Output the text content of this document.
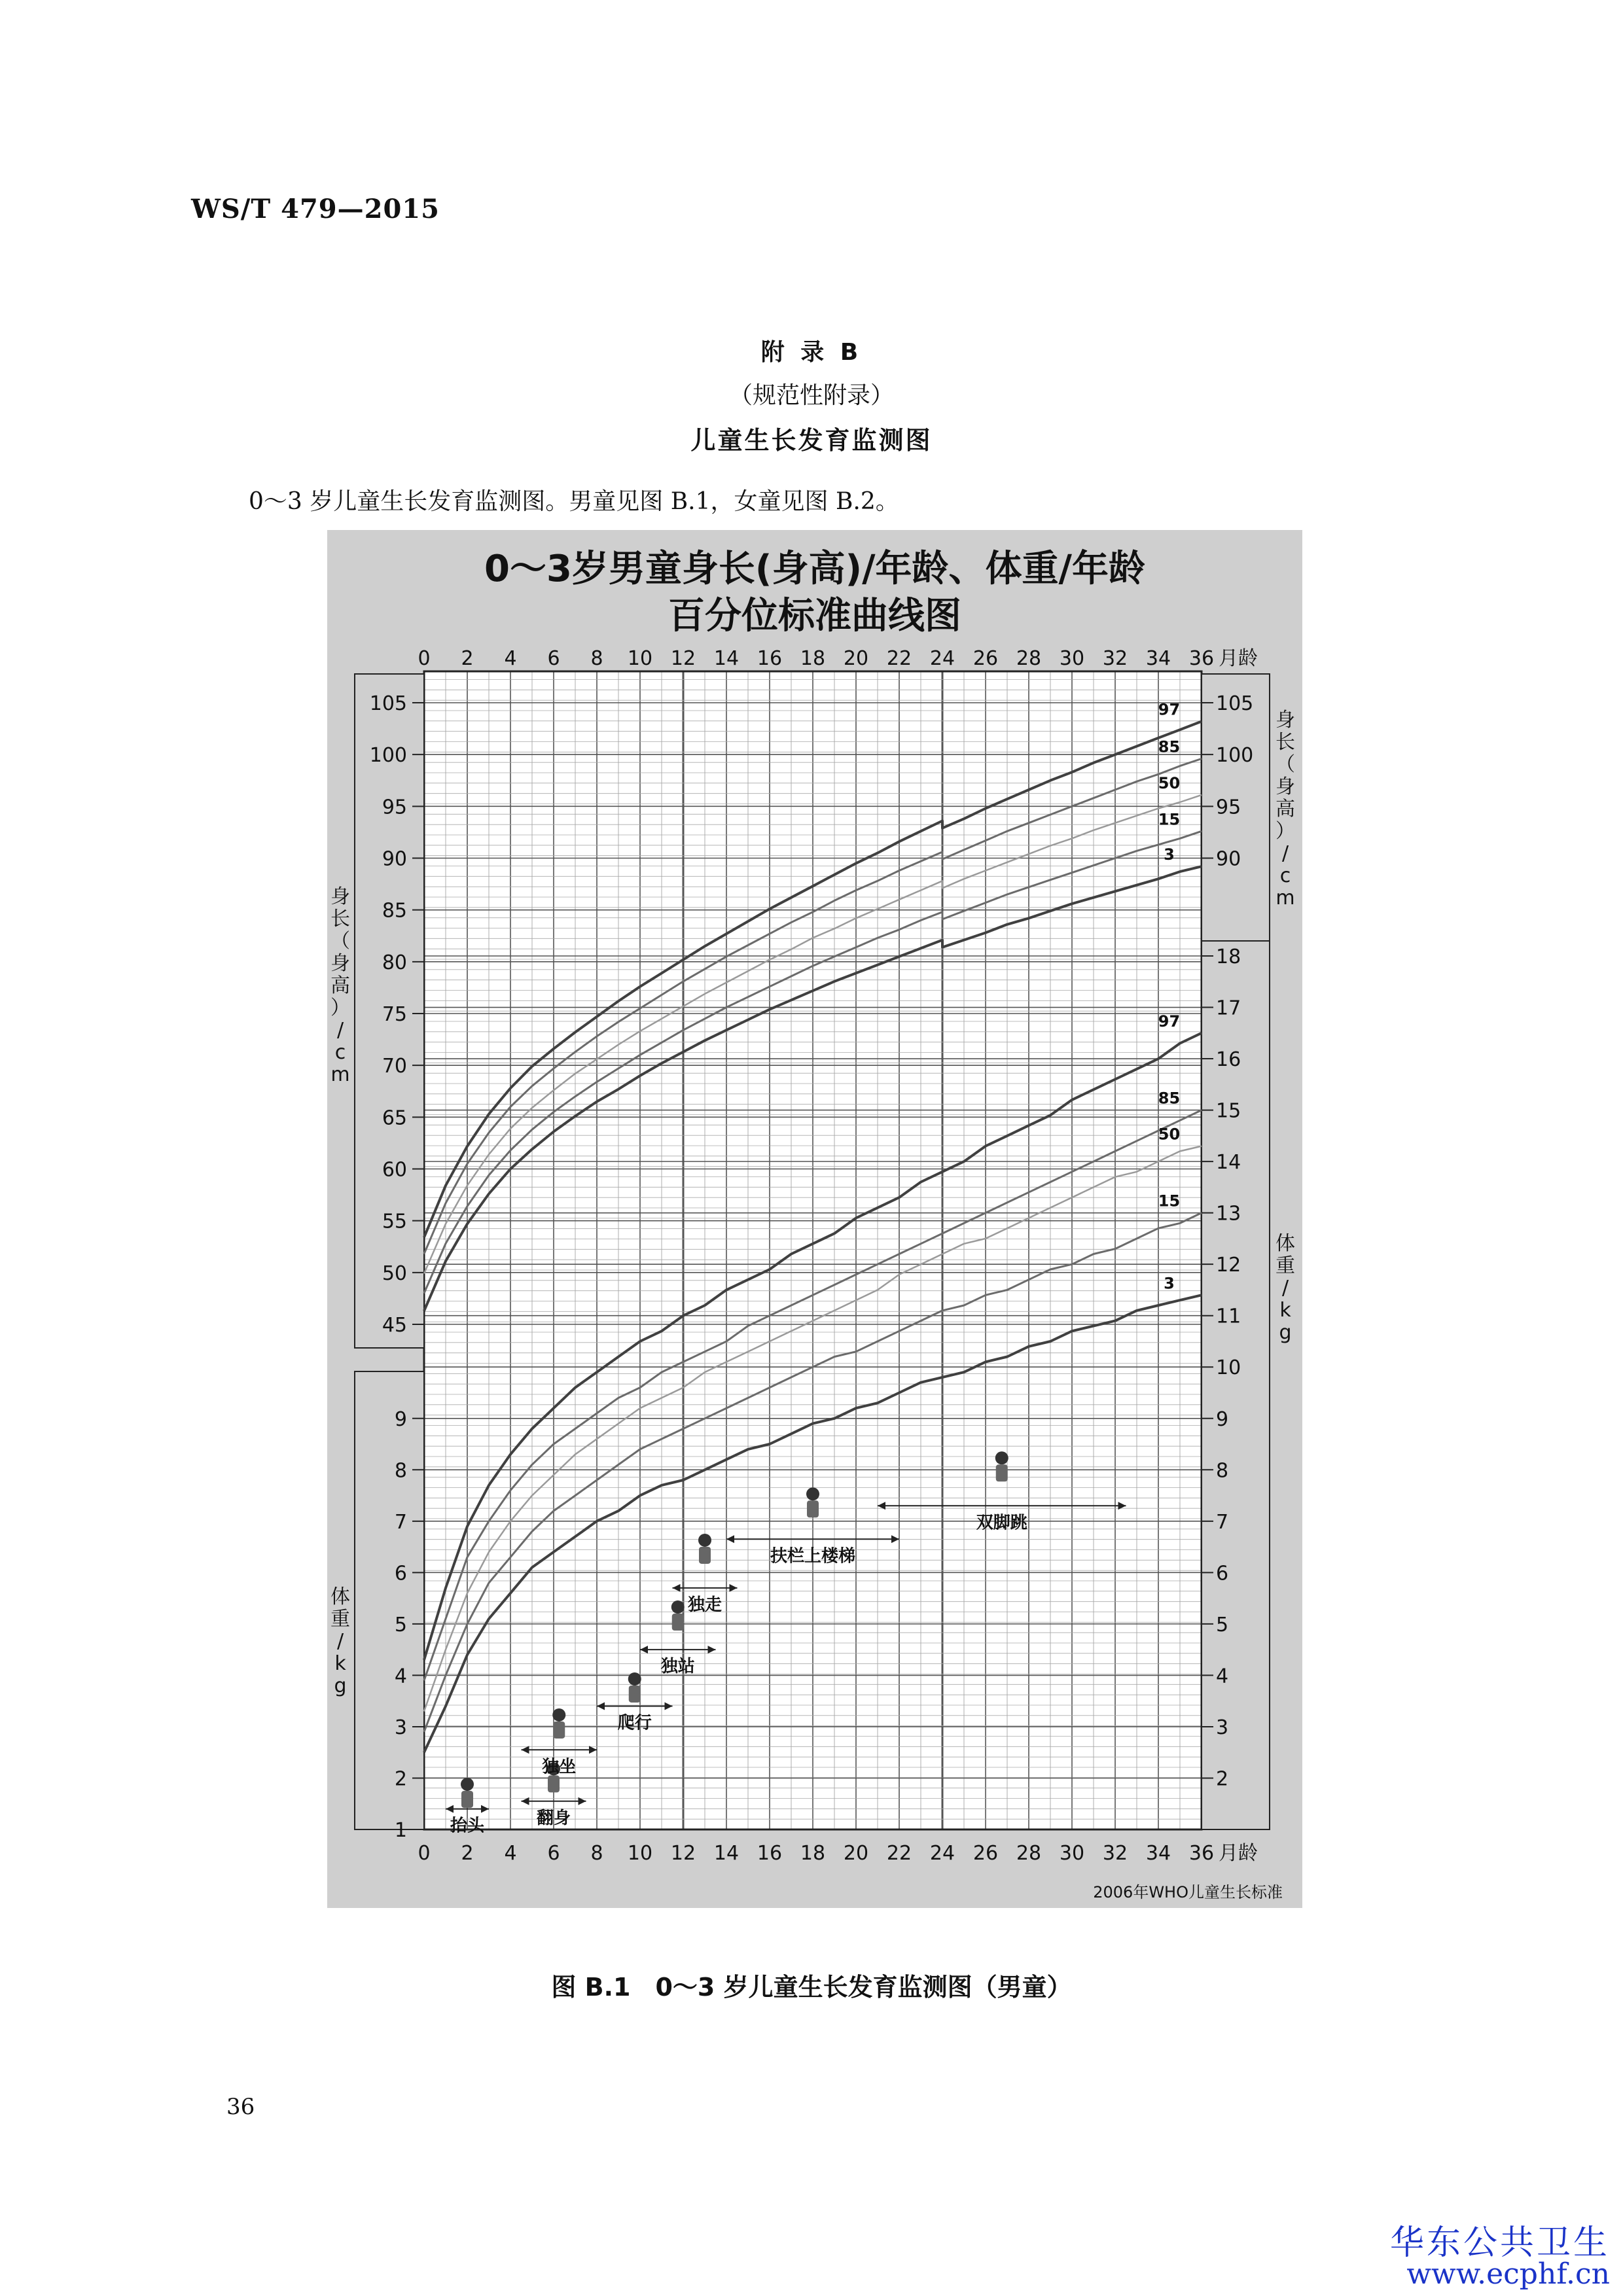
WS/T 479—2015
附 录 B
（规范性附录）
儿童生长发育监测图
0～3 岁儿童生长发育监测图。男童见图 B.1，女童见图 B.2。
0～3岁男童身长(身高)/年龄、体重/年龄
百分位标准曲线图
0
0
2
2
4
4
6
6
8
8
10
10
12
12
14
14
16
16
18
18
20
20
22
22
24
24
26
26
28
28
30
30
32
32
34
34
36
36
月龄
月龄
45
50
55
60
65
70
75
80
85
90
95
100
105
90
95
100
105
1
2
3
4
5
6
7
8
9
2
3
4
5
6
7
8
9
10
11
12
13
14
15
16
17
18
身
长
（
身
高
）
/
c
m
身
长
（
身
高
）
/
c
m
体
重
/
k
g
体
重
/
k
g
97
85
50
15
3
97
85
50
15
3
抬头	翻身
独坐
爬行
独站
独走
扶栏上楼梯
双脚跳
2006年WHO儿童生长标准
图 B.1　0～3 岁儿童生长发育监测图（男童）
36
华东公共卫生
www.ecphf.cn
